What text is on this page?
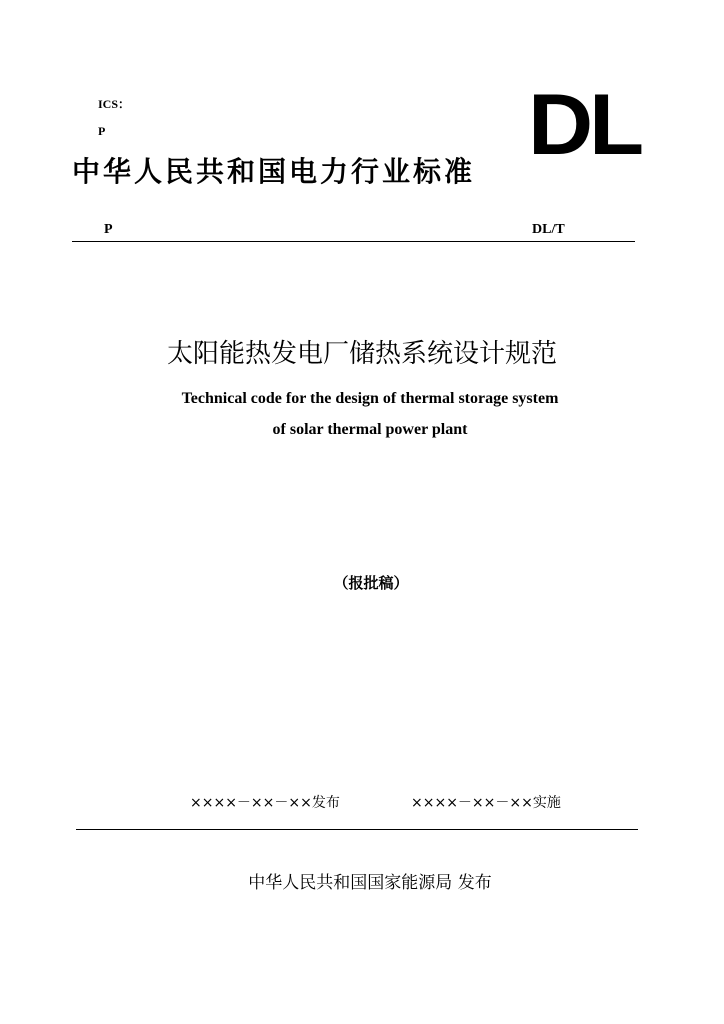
ICS：
P	DL
中华人民共和国电力行业标准
P	DL/T
太阳能热发电厂储热系统设计规范
Technical code for the design of thermal storage system
of solar thermal power plant
（报批稿）
××××－××－××发布	××××－××－××实施
中华人民共和国国家能源局 发布
